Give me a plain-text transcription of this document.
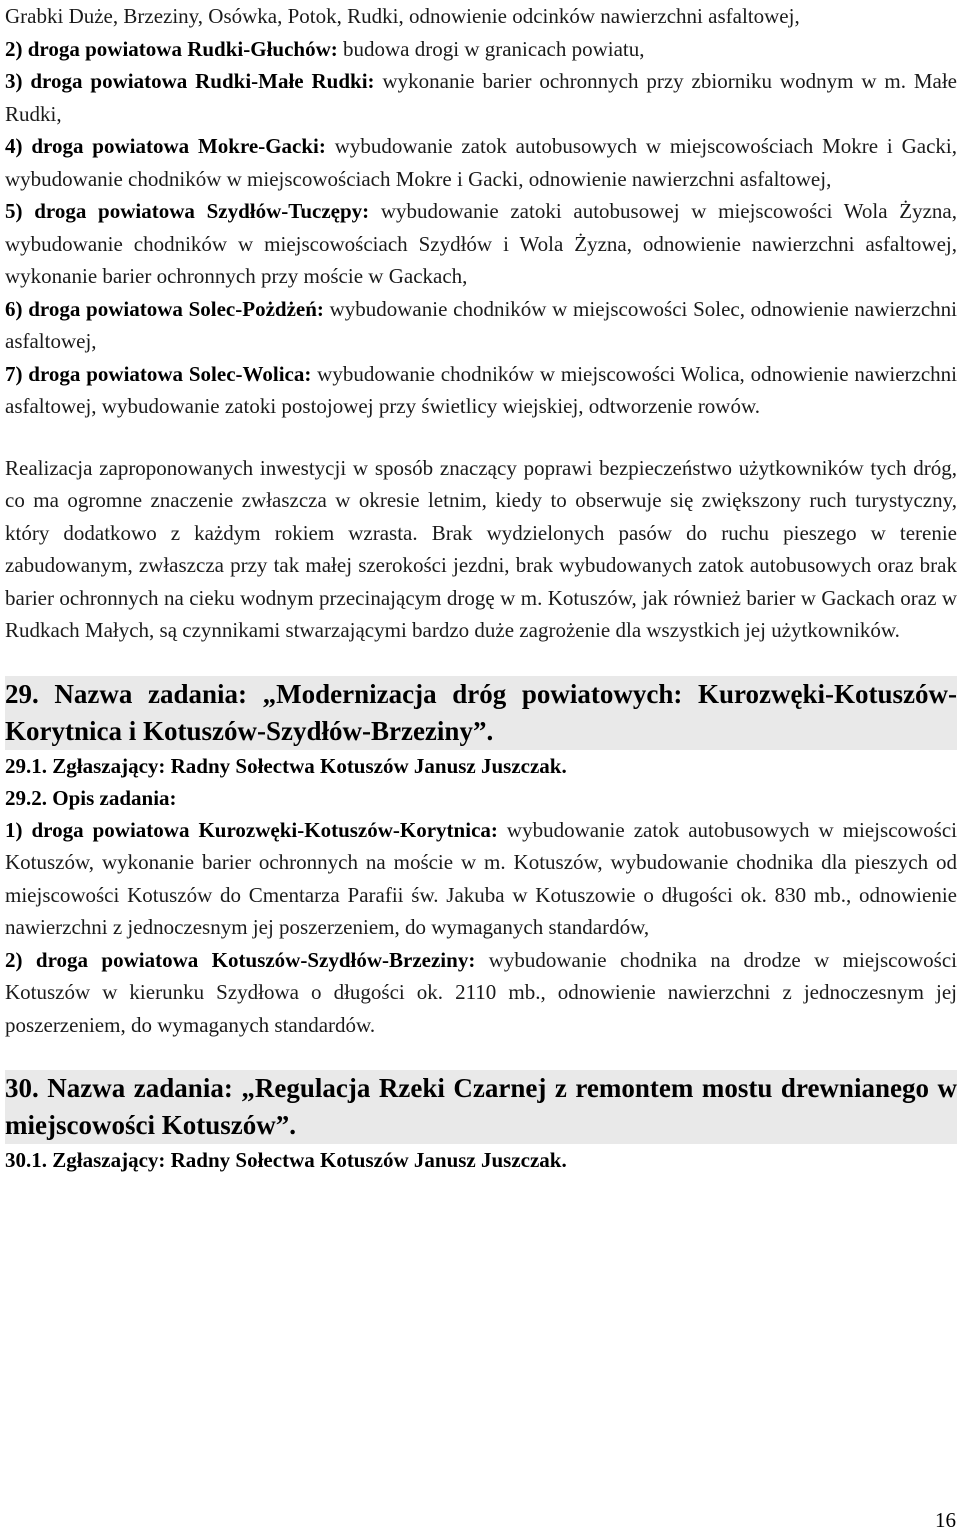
Grabki Duże, Brzeziny, Osówka, Potok, Rudki, odnowienie odcinków nawierzchni asfaltowej,

2) droga powiatowa Rudki-Głuchów: budowa drogi w granicach powiatu,

3) droga powiatowa Rudki-Małe Rudki: wykonanie barier ochronnych przy zbiorniku wodnym w m. Małe Rudki,

4) droga powiatowa Mokre-Gacki: wybudowanie zatok autobusowych w miejscowościach Mokre i Gacki, wybudowanie chodników w miejscowościach Mokre i Gacki, odnowienie nawierzchni asfaltowej,

5) droga powiatowa Szydłów-Tuczępy: wybudowanie zatoki autobusowej w miejscowości Wola Żyzna, wybudowanie chodników w miejscowościach Szydłów i Wola Żyzna, odnowienie nawierzchni asfaltowej, wykonanie barier ochronnych przy moście w Gackach,

6) droga powiatowa Solec-Pożdżeń: wybudowanie chodników w miejscowości Solec, odnowienie nawierzchni asfaltowej,

7) droga powiatowa Solec-Wolica: wybudowanie chodników w miejscowości Wolica, odnowienie nawierzchni asfaltowej, wybudowanie zatoki postojowej przy świetlicy wiejskiej, odtworzenie rowów.

Realizacja zaproponowanych inwestycji w sposób znaczący poprawi bezpieczeństwo użytkowników tych dróg, co ma ogromne znaczenie zwłaszcza w okresie letnim, kiedy to obserwuje się zwiększony ruch turystyczny, który dodatkowo z każdym rokiem wzrasta. Brak wydzielonych pasów do ruchu pieszego w terenie zabudowanym, zwłaszcza przy tak małej szerokości jezdni, brak wybudowanych zatok autobusowych oraz brak barier ochronnych na cieku wodnym przecinającym drogę w m. Kotuszów, jak również barier w Gackach oraz w Rudkach Małych, są czynnikami stwarzającymi bardzo duże zagrożenie dla wszystkich jej użytkowników.

29. Nazwa zadania: „Modernizacja dróg powiatowych: Kurozwęki-Kotuszów-Korytnica i Kotuszów-Szydłów-Brzeziny”.

29.1. Zgłaszający: Radny Sołectwa Kotuszów Janusz Juszczak.

29.2. Opis zadania:

1) droga powiatowa Kurozwęki-Kotuszów-Korytnica: wybudowanie zatok autobusowych w miejscowości Kotuszów, wykonanie barier ochronnych na moście w m. Kotuszów, wybudowanie chodnika dla pieszych od miejscowości Kotuszów do Cmentarza Parafii św. Jakuba w Kotuszowie o długości ok. 830 mb., odnowienie nawierzchni z jednoczesnym jej poszerzeniem, do wymaganych standardów,

2) droga powiatowa Kotuszów-Szydłów-Brzeziny: wybudowanie chodnika na drodze w miejscowości Kotuszów w kierunku Szydłowa o długości ok. 2110 mb., odnowienie nawierzchni z jednoczesnym jej poszerzeniem, do wymaganych standardów.

30. Nazwa zadania: „Regulacja Rzeki Czarnej z remontem mostu drewnianego w miejscowości Kotuszów”.

30.1. Zgłaszający: Radny Sołectwa Kotuszów Janusz Juszczak.

16
